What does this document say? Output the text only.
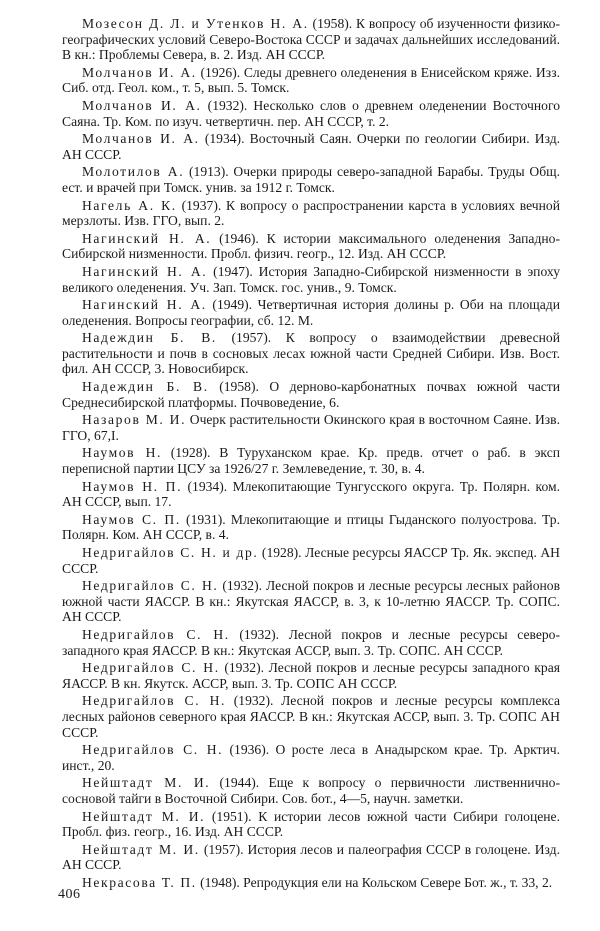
Мозесон Д. Л. и Утенков Н. А. (1958). К вопросу об изученности физико-географических условий Северо-Востока СССР и задачах дальнейших исследований. В кн.: Проблемы Севера, в. 2. Изд. АН СССР.

Молчанов И. А. (1926). Следы древнего оледенения в Енисейском кряже. Изз. Сиб. отд. Геол. ком., т. 5, вып. 5. Томск.

Молчанов И. А. (1932). Несколько слов о древнем оледенении Восточного Саяна. Тр. Ком. по изуч. четвертичн. пер. АН СССР, т. 2.

Молчанов И. А. (1934). Восточный Саян. Очерки по геологии Сибири. Изд. АН СССР.

Молотилов А. (1913). Очерки природы северо-западной Барабы. Труды Общ. ест. и врачей при Томск. унив. за 1912 г. Томск.

Нагель А. К. (1937). К вопросу о распространении карста в условиях вечной мерзлоты. Изв. ГГО, вып. 2.

Нагинский Н. А. (1946). К истории максимального оледенения Западно-Сибирской низменности. Пробл. физич. геогр., 12. Изд. АН СССР.

Нагинский Н. А. (1947). История Западно-Сибирской низменности в эпоху великого оледенения. Уч. Зап. Томск. гос. унив., 9. Томск.

Нагинский Н. А. (1949). Четвертичная история долины р. Оби на площади оледенения. Вопросы географии, сб. 12. М.

Надеждин Б. В. (1957). К вопросу о взаимодействии древесной растительности и почв в сосновых лесах южной части Средней Сибири. Изв. Вост. фил. АН СССР, 3. Новосибирск.

Надеждин Б. В. (1958). О дерново-карбонатных почвах южной части Среднесибирской платформы. Почвоведение, 6.

Назаров М. И. Очерк растительности Окинского края в восточном Саяне. Изв. ГГО, 67,I.

Наумов Н. (1928). В Туруханском крае. Кр. предв. отчет о раб. в эксп переписной партии ЦСУ за 1926/27 г. Землеведение, т. 30, в. 4.

Наумов Н. П. (1934). Млекопитающие Тунгусского округа. Тр. Полярн. ком. АН СССР, вып. 17.

Наумов С. П. (1931). Млекопитающие и птицы Гыданского полуострова. Тр. Полярн. Ком. АН СССР, в. 4.

Недригайлов С. Н. и др. (1928). Лесные ресурсы ЯАССР Тр. Як. экспед. АН СССР.

Недригайлов С. Н. (1932). Лесной покров и лесные ресурсы лесных районов южной части ЯАССР. В кн.: Якутская ЯАССР, в. 3, к 10-летню ЯАССР. Тр. СОПС. АН СССР.

Недригайлов С. Н. (1932). Лесной покров и лесные ресурсы северо-западного края ЯАССР. В кн.: Якутская АССР, вып. 3. Тр. СОПС. АН СССР.

Недригайлов С. Н. (1932). Лесной покров и лесные ресурсы западного края ЯАССР. В кн. Якутск. АССР, вып. 3. Тр. СОПС АН СССР.

Недригайлов С. Н. (1932). Лесной покров и лесные ресурсы комплекса лесных районов северного края ЯАССР. В кн.: Якутская АССР, вып. 3. Тр. СОПС АН СССР.

Недригайлов С. Н. (1936). О росте леса в Анадырском крае. Тр. Арктич. инст., 20.

Нейштадт М. И. (1944). Еще к вопросу о первичности лиственнично-сосновой тайги в Восточной Сибири. Сов. бот., 4—5, научн. заметки.

Нейштадт М. И. (1951). К истории лесов южной части Сибири голоцене. Пробл. физ. геогр., 16. Изд. АН СССР.

Нейштадт М. И. (1957). История лесов и палеография СССР в голоцене. Изд. АН СССР.

Некрасова Т. П. (1948). Репродукция ели на Кольском Севере Бот. ж., т. 33, 2.

406
